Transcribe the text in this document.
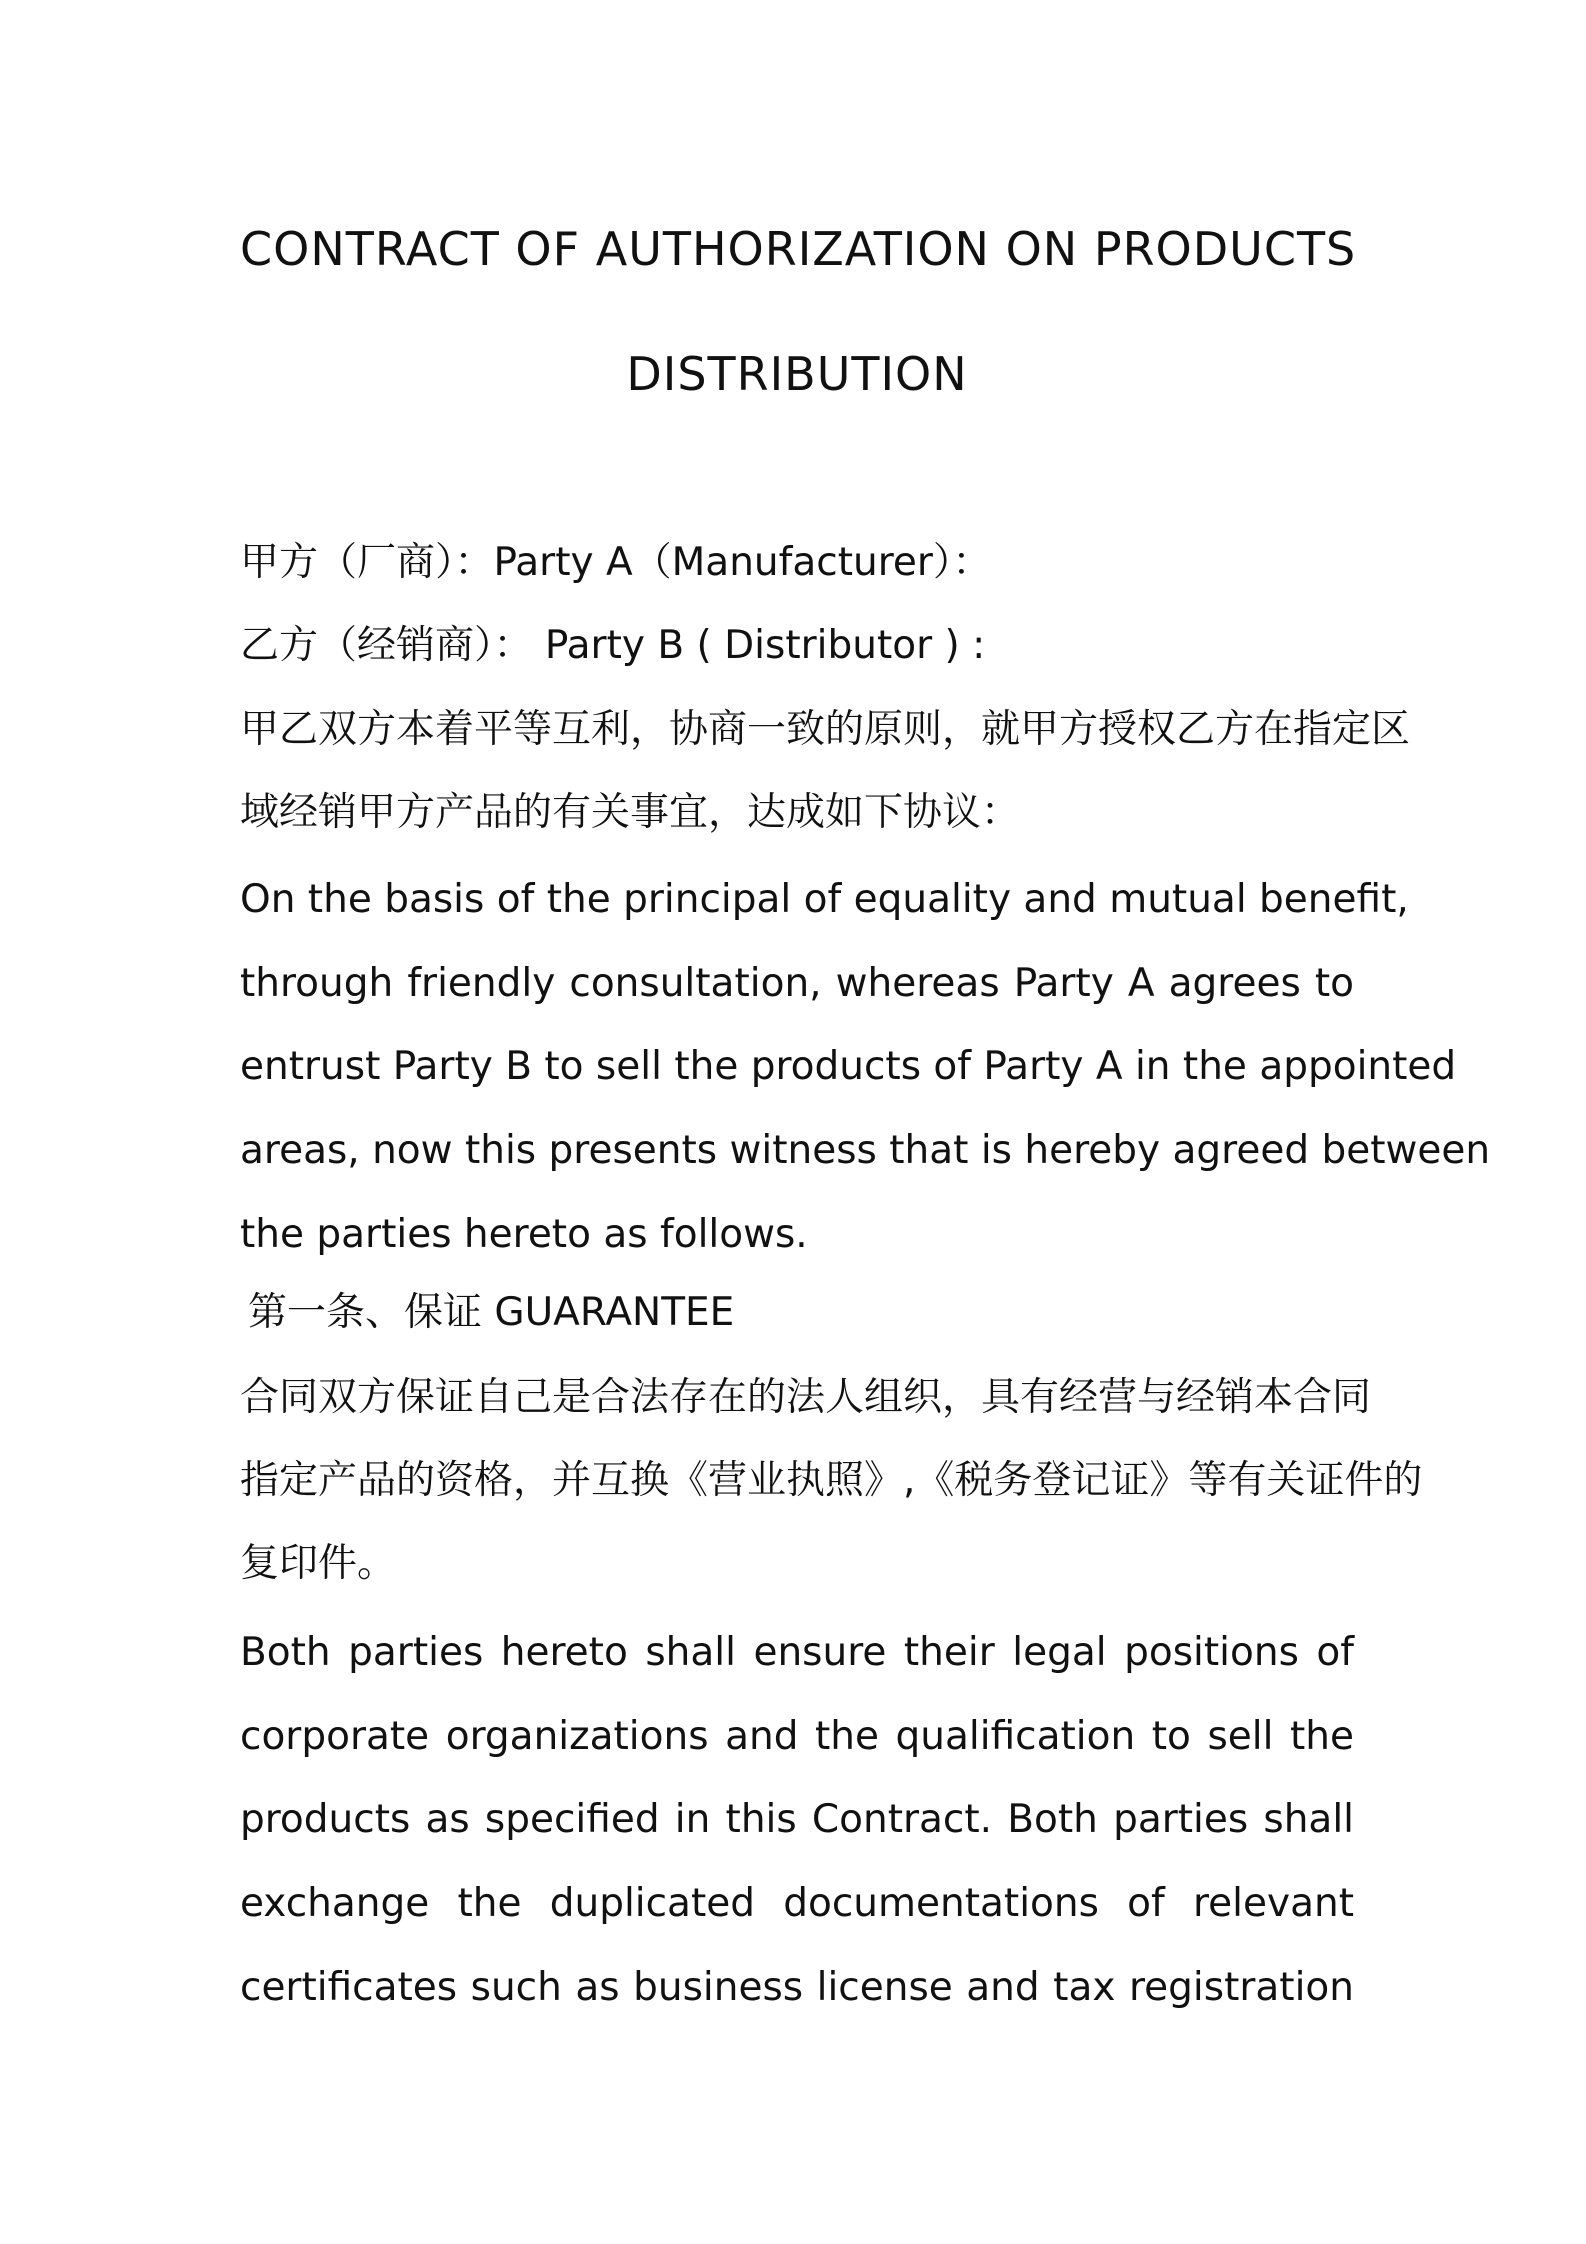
CONTRACT OF AUTHORIZATION ON PRODUCTS
DISTRIBUTION
甲方（厂商）：Party A（Manufacturer）：
乙方（经销商）： Party B ( Distributor ) :
甲乙双方本着平等互利，协商一致的原则，就甲方授权乙方在指定区
域经销甲方产品的有关事宜，达成如下协议：
On the basis of the principal of equality and mutual benefit,
through friendly consultation, whereas Party A agrees to
entrust Party B to sell the products of Party A in the appointed
areas, now this presents witness that is hereby agreed between
the parties hereto as follows.
第一条、保证 GUARANTEE
合同双方保证自己是合法存在的法人组织，具有经营与经销本合同
指定产品的资格，并互换《营业执照》,《税务登记证》等有关证件的
复印件。
Both parties hereto shall ensure their legal positions of
corporate organizations and the qualification to sell the
products as specified in this Contract. Both parties shall
exchange the duplicated documentations of relevant
certificates such as business license and tax registration
